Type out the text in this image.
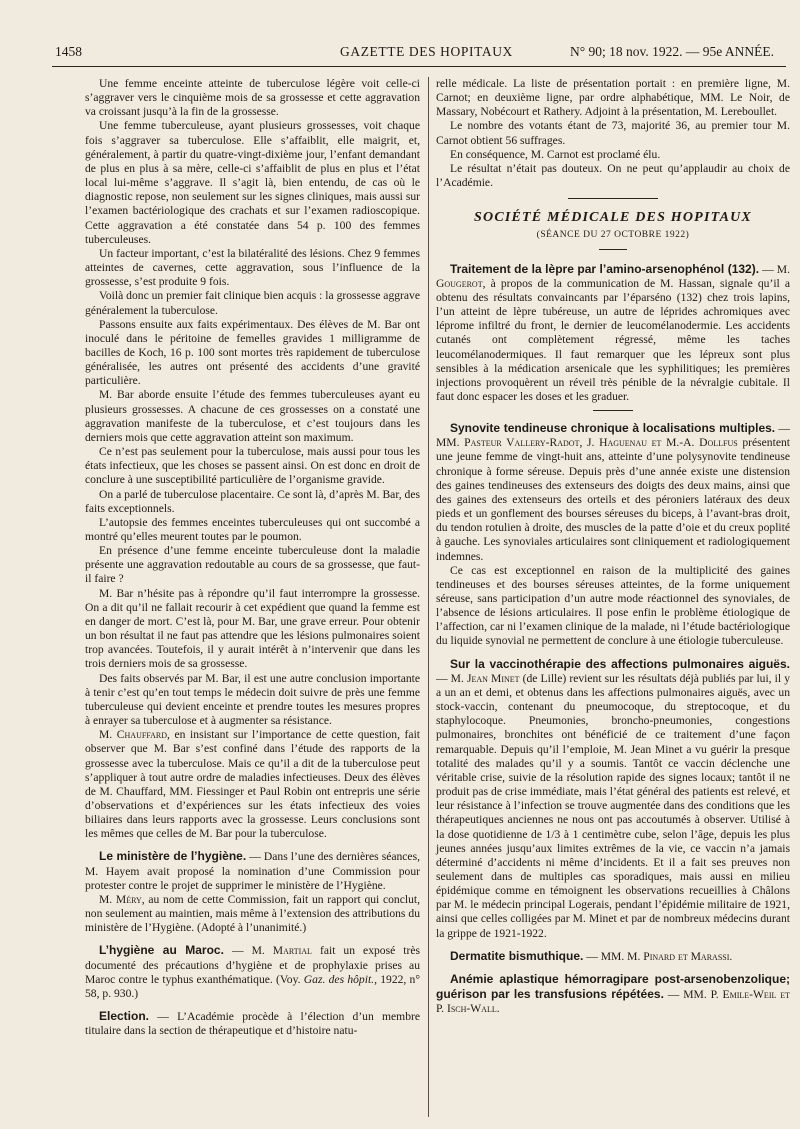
1458	GAZETTE DES HOPITAUX	N° 90; 18 nov. 1922. — 95e ANNÉE.

Une femme enceinte atteinte de tuberculose légère voit celle-ci s’aggraver vers le cinquième mois de sa grossesse et cette aggravation va croissant jusqu’à la fin de la grossesse.

Une femme tuberculeuse, ayant plusieurs grossesses, voit chaque fois s’aggraver sa tuberculose. Elle s’affaiblit, elle maigrit, et, généralement, à partir du quatre-vingt-dixième jour, l’enfant demandant de plus en plus à sa mère, celle-ci s’affaiblit de plus en plus et l’état local lui-même s’aggrave. Il s’agit là, bien entendu, de cas où le diagnostic repose, non seulement sur les signes cliniques, mais aussi sur l’examen bactériologique des crachats et sur l’examen radioscopique. Cette aggravation a été constatée dans 54 p. 100 des femmes tuberculeuses.

Un facteur important, c’est la bilatéralité des lésions. Chez 9 femmes atteintes de cavernes, cette aggravation, sous l’influence de la grossesse, s’est produite 9 fois.

Voilà donc un premier fait clinique bien acquis : la grossesse aggrave généralement la tuberculose.

Passons ensuite aux faits expérimentaux. Des élèves de M. Bar ont inoculé dans le péritoine de femelles gravides 1 milligramme de bacilles de Koch, 16 p. 100 sont mortes très rapidement de tuberculose généralisée, les autres ont présenté des accidents d’une gravité particulière.

M. Bar aborde ensuite l’étude des femmes tuberculeuses ayant eu plusieurs grossesses. A chacune de ces grossesses on a constaté une aggravation manifeste de la tuberculose, et c’est toujours dans les derniers mois que cette aggravation atteint son maximum.

Ce n’est pas seulement pour la tuberculose, mais aussi pour tous les états infectieux, que les choses se passent ainsi. On est donc en droit de conclure à une susceptibilité particulière de l’organisme gravide.

On a parlé de tuberculose placentaire. Ce sont là, d’après M. Bar, des faits exceptionnels.

L’autopsie des femmes enceintes tuberculeuses qui ont succombé a montré qu’elles meurent toutes par le poumon.

En présence d’une femme enceinte tuberculeuse dont la maladie présente une aggravation redoutable au cours de sa grossesse, que faut-il faire ?

M. Bar n’hésite pas à répondre qu’il faut interrompre la grossesse. On a dit qu’il ne fallait recourir à cet expédient que quand la femme est en danger de mort. C’est là, pour M. Bar, une grave erreur. Pour obtenir un bon résultat il ne faut pas attendre que les lésions pulmonaires soient trop avancées. Toutefois, il y aurait intérêt à n’intervenir que dans les trois derniers mois de sa grossesse.

Des faits observés par M. Bar, il est une autre conclusion importante à tenir c’est qu’en tout temps le médecin doit suivre de près une femme tuberculeuse qui devient enceinte et prendre toutes les mesures propres à enrayer sa tuberculose et à augmenter sa résistance.

M. Chauffard, en insistant sur l’importance de cette question, fait observer que M. Bar s’est confiné dans l’étude des rapports de la grossesse avec la tuberculose. Mais ce qu’il a dit de la tuberculose peut s’appliquer à tout autre ordre de maladies infectieuses. Deux des élèves de M. Chauffard, MM. Fiessinger et Paul Robin ont entrepris une série d’observations et d’expériences sur les états infectieux des voies biliaires dans leurs rapports avec la grossesse. Leurs conclusions sont les mêmes que celles de M. Bar pour la tuberculose.

Le ministère de l’hygiène. — Dans l’une des dernières séances, M. Hayem avait proposé la nomination d’une Commission pour protester contre le projet de supprimer le ministère de l’Hygiène.

M. Méry, au nom de cette Commission, fait un rapport qui conclut, non seulement au maintien, mais même à l’extension des attributions du ministère de l’Hygiène. (Adopté à l’unanimité.)

L’hygiène au Maroc. — M. Martial fait un exposé très documenté des précautions d’hygiène et de prophylaxie prises au Maroc contre le typhus exanthématique. (Voy. Gaz. des hôpit., 1922, n° 58, p. 930.)

Election. — L’Académie procède à l’élection d’un membre titulaire dans la section de thérapeutique et d’histoire natu-

relle médicale. La liste de présentation portait : en première ligne, M. Carnot; en deuxième ligne, par ordre alphabétique, MM. Le Noir, de Massary, Nobécourt et Rathery. Adjoint à la présentation, M. Lereboullet.

Le nombre des votants étant de 73, majorité 36, au premier tour M. Carnot obtient 56 suffrages.

En conséquence, M. Carnot est proclamé élu.

Le résultat n’était pas douteux. On ne peut qu’applaudir au choix de l’Académie.

SOCIÉTÉ MÉDICALE DES HOPITAUX

(SÉANCE DU 27 OCTOBRE 1922)

Traitement de la lèpre par l’amino-arsenophénol (132). — M. Gougerot, à propos de la communication de M. Hassan, signale qu’il a obtenu des résultats convaincants par l’éparséno (132) chez trois lapins, l’un atteint de lèpre tubéreuse, un autre de léprides achromiques avec léprome infiltré du front, le dernier de leucomélanodermie. Les accidents cutanés ont complètement régressé, même les taches leucomélanodermiques. Il faut remarquer que les lépreux sont plus sensibles à la médication arsenicale que les syphilitiques; les premières injections provoquèrent un réveil très pénible de la névralgie cubitale. Il faut donc espacer les doses et les graduer.

Synovite tendineuse chronique à localisations multiples. — MM. Pasteur Vallery-Radot, J. Haguenau et M.-A. Dollfus présentent une jeune femme de vingt-huit ans, atteinte d’une polysynovite tendineuse chronique à forme séreuse. Depuis près d’une année existe une distension des gaines tendineuses des extenseurs des doigts des deux mains, ainsi que des gaines des extenseurs des orteils et des péroniers latéraux des deux pieds et un gonflement des bourses séreuses du biceps, à l’avant-bras droit, du tendon rotulien à droite, des muscles de la patte d’oie et du creux poplité à gauche. Les synoviales articulaires sont cliniquement et radiologiquement indemnes.

Ce cas est exceptionnel en raison de la multiplicité des gaines tendineuses et des bourses séreuses atteintes, de la forme uniquement séreuse, sans participation d’un autre mode réactionnel des synoviales, de l’absence de lésions articulaires. Il pose enfin le problème étiologique de l’affection, car ni l’examen clinique de la malade, ni l’étude bactériologique du liquide synovial ne permettent de conclure à une étiologie tuberculeuse.

Sur la vaccinothérapie des affections pulmonaires aiguës. — M. Jean Minet (de Lille) revient sur les résultats déjà publiés par lui, il y a un an et demi, et obtenus dans les affections pulmonaires aiguës, avec un stock-vaccin, contenant du pneumocoque, du streptocoque, et du staphylocoque. Pneumonies, broncho-pneumonies, congestions pulmonaires, bronchites ont bénéficié de ce traitement d’une façon remarquable. Depuis qu’il l’emploie, M. Jean Minet a vu guérir la presque totalité des malades qu’il y a soumis. Tantôt ce vaccin déclenche une véritable crise, suivie de la résolution rapide des signes locaux; tantôt il ne produit pas de crise immédiate, mais l’état général des patients est relevé, et leur résistance à l’infection se trouve augmentée dans des conditions que les thérapeutiques anciennes ne nous ont pas accoutumés à observer. Utilisé à la dose quotidienne de 1/3 à 1 centimètre cube, selon l’âge, depuis les plus jeunes années jusqu’aux limites extrêmes de la vie, ce vaccin n’a jamais déterminé d’accidents ni même d’incidents. Et il a fait ses preuves non seulement dans de multiples cas sporadiques, mais aussi en milieu épidémique comme en témoignent les observations recueillies à Châlons par M. le médecin principal Logerais, pendant l’épidémie militaire de 1921, ainsi que celles colligées par M. Minet et par de nombreux médecins durant la grippe de 1921-1922.

Dermatite bismuthique. — MM. M. Pinard et Marassi.

Anémie aplastique hémorragipare post-arsenobenzolique; guérison par les transfusions répétées. — MM. P. Emile-Weil et P. Isch-Wall.
